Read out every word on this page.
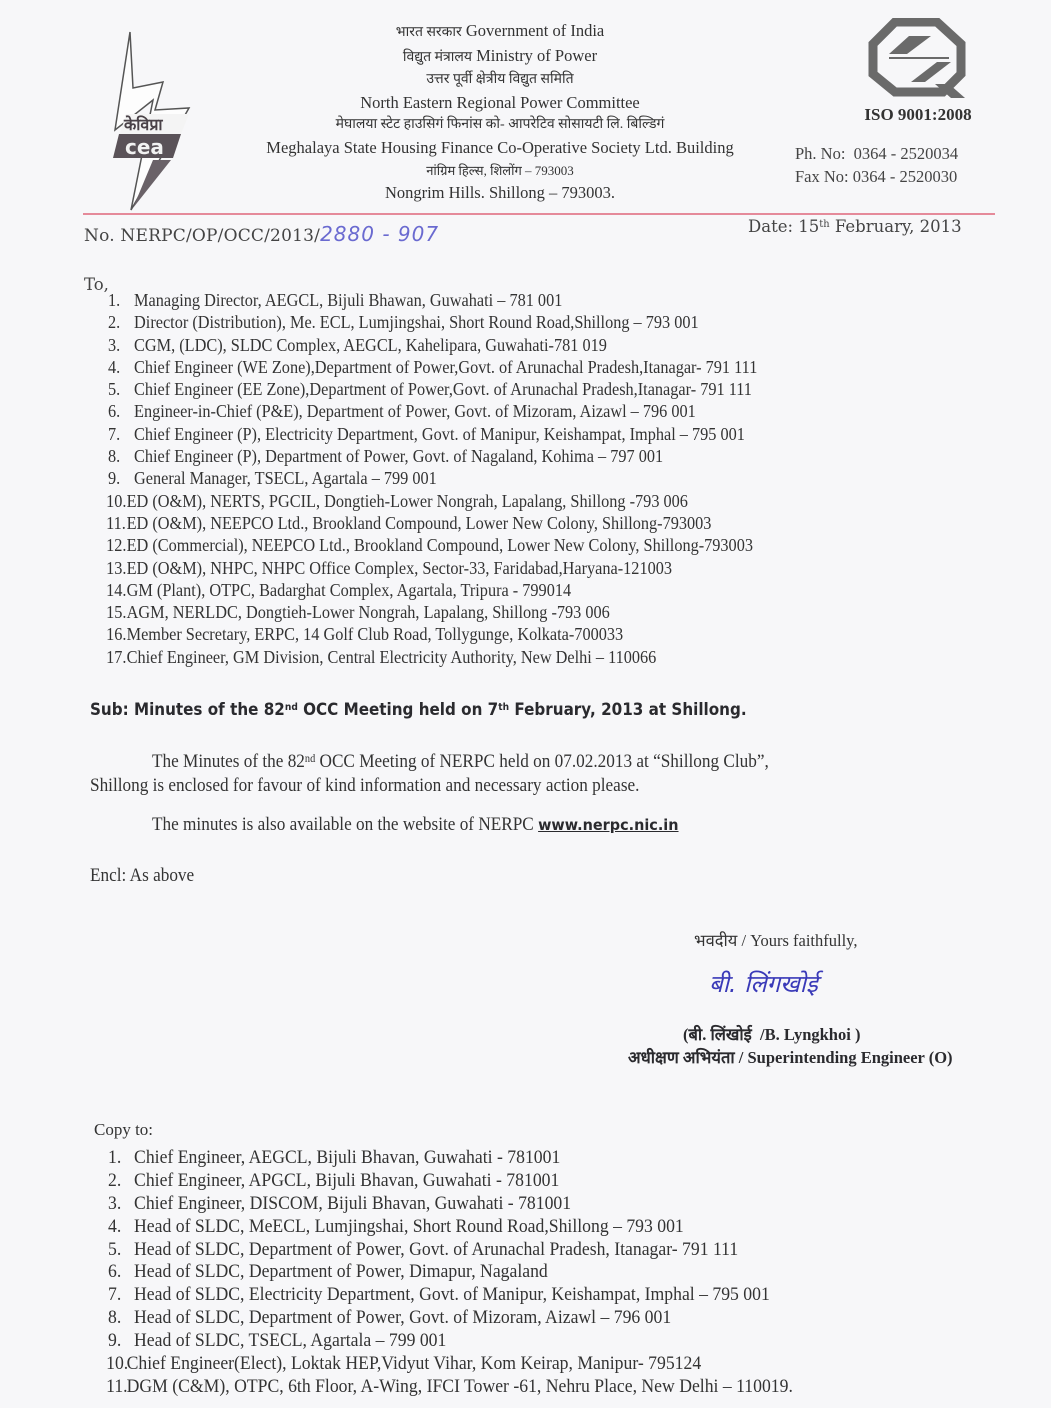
केविप्रा
cea
भारत सरकार Government of India
विद्युत मंत्रालय Ministry of Power
उत्तर पूर्वी क्षेत्रीय विद्युत समिति
North Eastern Regional Power Committee
मेघालया स्टेट हाउसिगं फिनांस को- आपरेटिव सोसायटी लि. बिल्डिगं
Meghalaya State Housing Finance Co-Operative Society Ltd. Building
नांग्रिम हिल्स, शिलोंग – 793003
Nongrim Hills. Shillong – 793003.
ISO 9001:2008
Ph. No:  0364 - 2520034
Fax No: 0364 - 2520030
No. NERPC/OP/OCC/2013/2880 - 907	Date: 15th February, 2013
To,
1. Managing Director, AEGCL, Bijuli Bhawan, Guwahati – 781 001
2. Director (Distribution), Me. ECL, Lumjingshai, Short Round Road,Shillong – 793 001
3. CGM, (LDC), SLDC Complex, AEGCL, Kahelipara, Guwahati-781 019
4. Chief Engineer (WE Zone),Department of Power,Govt. of Arunachal Pradesh,Itanagar- 791 111
5. Chief Engineer (EE Zone),Department of Power,Govt. of Arunachal Pradesh,Itanagar- 791 111
6. Engineer-in-Chief (P&E), Department of Power, Govt. of Mizoram, Aizawl – 796 001
7. Chief Engineer (P), Electricity Department, Govt. of Manipur, Keishampat, Imphal – 795 001
8. Chief Engineer (P), Department of Power, Govt. of Nagaland, Kohima – 797 001
9. General Manager, TSECL, Agartala – 799 001
10.ED (O&M), NERTS, PGCIL, Dongtieh-Lower Nongrah, Lapalang, Shillong -793 006
11.ED (O&M), NEEPCO Ltd., Brookland Compound, Lower New Colony, Shillong-793003
12.ED (Commercial), NEEPCO Ltd., Brookland Compound, Lower New Colony, Shillong-793003
13.ED (O&M), NHPC, NHPC Office Complex, Sector-33, Faridabad,Haryana-121003
14.GM (Plant), OTPC, Badarghat Complex, Agartala, Tripura - 799014
15.AGM, NERLDC, Dongtieh-Lower Nongrah, Lapalang, Shillong -793 006
16.Member Secretary, ERPC, 14 Golf Club Road, Tollygunge, Kolkata-700033
17.Chief Engineer, GM Division, Central Electricity Authority, New Delhi – 110066
Sub: Minutes of the 82nd OCC Meeting held on 7th February, 2013 at Shillong.
The Minutes of the 82nd OCC Meeting of NERPC held on 07.02.2013 at “Shillong Club”,
Shillong is enclosed for favour of kind information and necessary action please.
The minutes is also available on the website of NERPC www.nerpc.nic.in
Encl: As above
भवदीय / Yours faithfully,
बी. लिंगखोई
(बी. लिंखोई  /B. Lyngkhoi )
अधीक्षण अभियंता / Superintending Engineer (O)
Copy to:
1. Chief Engineer, AEGCL, Bijuli Bhavan, Guwahati - 781001
2. Chief Engineer, APGCL, Bijuli Bhavan, Guwahati - 781001
3. Chief Engineer, DISCOM, Bijuli Bhavan, Guwahati - 781001
4. Head of SLDC, MeECL, Lumjingshai, Short Round Road,Shillong – 793 001
5. Head of SLDC, Department of Power, Govt. of Arunachal Pradesh, Itanagar- 791 111
6. Head of SLDC, Department of Power, Dimapur, Nagaland
7. Head of SLDC, Electricity Department, Govt. of Manipur, Keishampat, Imphal – 795 001
8. Head of SLDC, Department of Power, Govt. of Mizoram, Aizawl – 796 001
9. Head of SLDC, TSECL, Agartala – 799 001
10.Chief Engineer(Elect), Loktak HEP,Vidyut Vihar, Kom Keirap, Manipur- 795124
11.DGM (C&M), OTPC, 6th Floor, A-Wing, IFCI Tower -61, Nehru Place, New Delhi – 110019.
